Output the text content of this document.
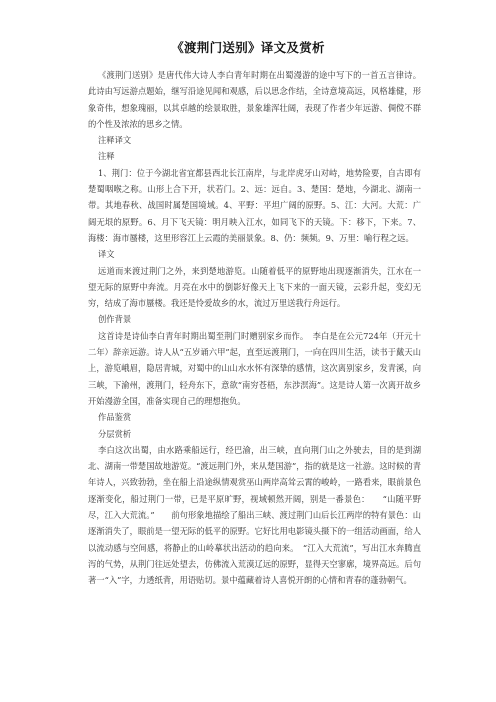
《渡荆门送别》译文及赏析

《渡荆门送别》是唐代伟大诗人李白青年时期在出蜀漫游的途中写下的一首五言律诗。此诗由写远游点题始，继写沿途见闻和观感，后以思念作结，全诗意境高远，风格雄健，形象奇伟，想象瑰丽，以其卓越的绘景取胜，景象雄浑壮阔，表现了作者少年远游、倜傥不群的个性及浓浓的思乡之情。

注释译文

注释

1、荆门：位于今湖北省宜都县西北长江南岸，与北岸虎牙山对峙，地势险要，自古即有楚蜀咽喉之称。山形上合下开，状若门。2、远：远自。3、楚国：楚地，今湖北、湖南一带。其地春秋、战国时属楚国境域。4、平野：平坦广阔的原野。5、江：大河。大荒：广阔无垠的原野。6、月下飞天镜：明月映入江水，如同飞下的天镜。下：移下，下来。7、海楼：海市蜃楼，这里形容江上云霞的美丽景象。8、仍：频频。9、万里：喻行程之远。

译文

远道而来渡过荆门之外，来到楚地游览。山随着低平的原野地出现逐渐消失，江水在一望无际的原野中奔流。月亮在水中的倒影好像天上飞下来的一面天镜，云彩升起，变幻无穷，结成了海市蜃楼。我还是怜爱故乡的水，流过万里送我行舟远行。

创作背景

这首诗是诗仙李白青年时期出蜀至荆门时赠别家乡而作。　李白是在公元724年（开元十二年）辞亲远游。诗人从“五岁诵六甲”起，直至远渡荆门，一向在四川生活，读书于戴天山上，游览峨眉，隐居青城，对蜀中的山山水水怀有深挚的感情，这次离别家乡，发青溪，向三峡，下渝州，渡荆门，轻舟东下，意欲“南穷苍梧，东涉溟海”。这是诗人第一次离开故乡开始漫游全国，准备实现自己的理想抱负。

作品鉴赏

分层赏析

李白这次出蜀，由水路乘船远行，经巴渝，出三峡，直向荆门山之外驶去，目的是到湖北、湖南一带楚国故地游览。“渡远荆门外，来从楚国游”，指的就是这一社游。这时候的青年诗人，兴致勃勃，坐在船上沿途纵情观赏巫山两岸高耸云霄的峻岭，一路看来，眼前景色逐渐变化，船过荆门一带，已是平原旷野，视域顿然开阔，别是一番景色：　　“山随平野尽，江入大荒流。”　　前句形象地描绘了船出三峡、渡过荆门山后长江两岸的特有景色：山逐渐消失了，眼前是一望无际的低平的原野。它好比用电影镜头摄下的一组活动画面，给人以流动感与空间感，将静止的山岭摹状出活动的趋向来。　“江入大荒流”，写出江水奔腾直泻的气势，从荆门往远处望去，仿佛流入荒漠辽远的原野，显得天空寥廓，境界高远。后句著一“入”字，力透纸背，用语贴切。景中蕴藏着诗人喜悦开朗的心情和青春的蓬勃朝气。
